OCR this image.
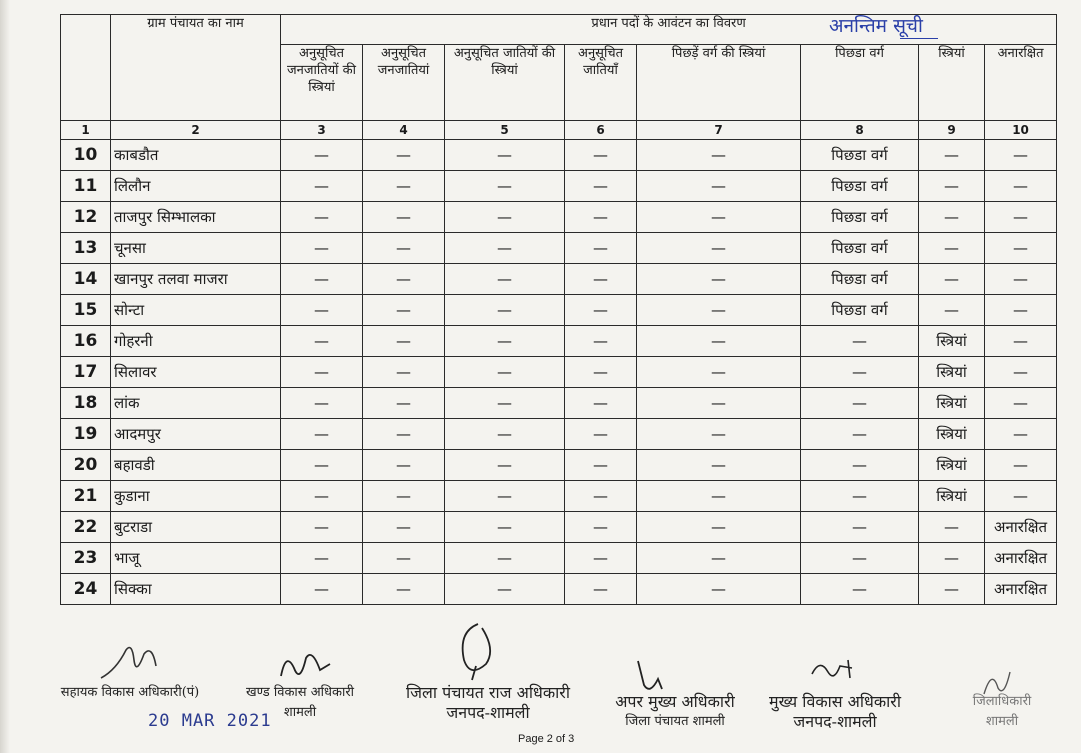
	ग्राम पंचायत का नाम	प्रधान पदों के आवंटन का विवरण							
		अनुसूचित जनजातियों की स्त्रियां	अनुसूचित जनजातियां	अनुसूचित जातियों की स्त्रियां	अनुसूचित जातियाँ	पिछड़ें वर्ग की स्त्रियां	पिछडा वर्ग	स्त्रियां	अनारक्षित
1	2	3	4	5	6	7	8	9	10
10	काबडौत	—	—	—	—	—	पिछडा वर्ग	—	—
11	लिलौन	—	—	—	—	—	पिछडा वर्ग	—	—
12	ताजपुर सिम्भालका	—	—	—	—	—	पिछडा वर्ग	—	—
13	चूनसा	—	—	—	—	—	पिछडा वर्ग	—	—
14	खानपुर तलवा माजरा	—	—	—	—	—	पिछडा वर्ग	—	—
15	सोन्टा	—	—	—	—	—	पिछडा वर्ग	—	—
16	गोहरनी	—	—	—	—	—	—	स्त्रियां	—
17	सिलावर	—	—	—	—	—	—	स्त्रियां	—
18	लांक	—	—	—	—	—	—	स्त्रियां	—
19	आदमपुर	—	—	—	—	—	—	स्त्रियां	—
20	बहावडी	—	—	—	—	—	—	स्त्रियां	—
21	कुडाना	—	—	—	—	—	—	स्त्रियां	—
22	बुटराडा	—	—	—	—	—	—	—	अनारक्षित
23	भाजू	—	—	—	—	—	—	—	अनारक्षित
24	सिक्का	—	—	—	—	—	—	—	अनारक्षित
अनन्तिम सूची
सहायक विकास अधिकारी(पं)	खण्ड विकास अधिकारी
शामली
जिला पंचायत राज अधिकारी
जनपद-शामली
अपर मुख्य अधिकारी
जिला पंचायत शामली
मुख्य विकास अधिकारी
जनपद-शामली
जिलाधिकारी
शामली
20 MAR 2021
Page 2 of 3
